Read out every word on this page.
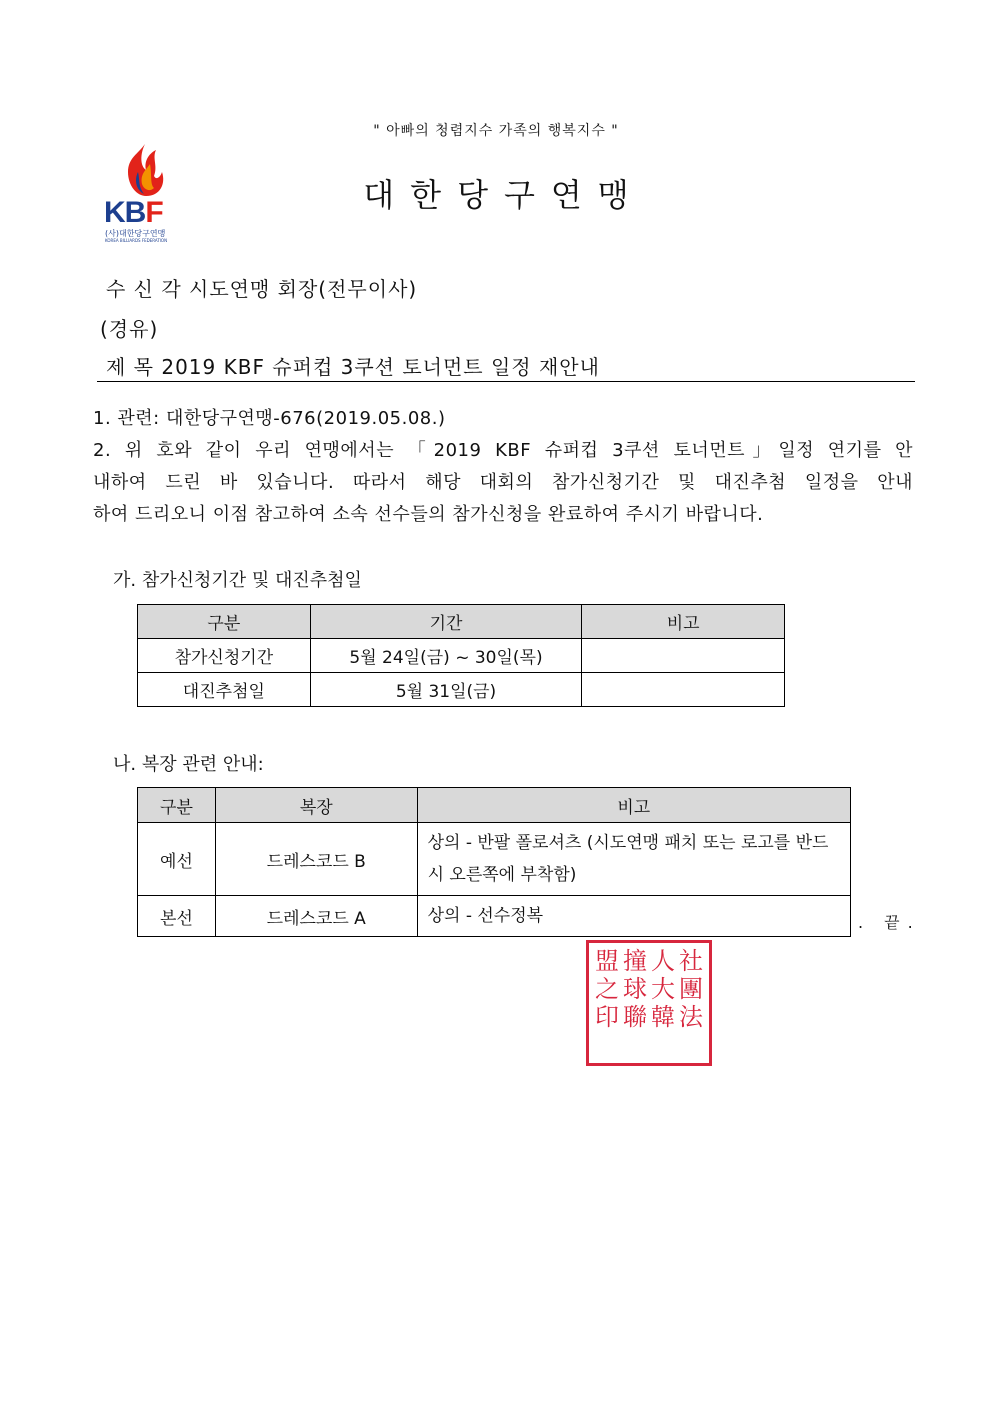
" 아빠의 청렴지수 가족의 행복지수 "
KBF
(사)대한당구연맹
KOREA BILLIARDS FEDERATION
대한당구연맹
수 신 각 시도연맹 회장(전무이사)
(경유)
제 목 2019 KBF 슈퍼컵 3쿠션 토너먼트 일정 재안내
1. 관련: 대한당구연맹-676(2019.05.08.)
2. 위 호와 같이 우리 연맹에서는 「2019 KBF 슈퍼컵 3쿠션 토너먼트」일정 연기를 안
내하여 드린 바 있습니다. 따라서 해당 대회의 참가신청기간 및 대진추첨 일정을 안내
하여 드리오니 이점 참고하여 소속 선수들의 참가신청을 완료하여 주시기 바랍니다.
가. 참가신청기간 및 대진추첨일
구분	기간	비고
참가신청기간	5월 24일(금) ~ 30일(목)	
대진추첨일	5월 31일(금)	
나. 복장 관련 안내:
구분	복장	비고
예선	드레스코드 B	상의 - 반팔 폴로셔츠 (시도연맹 패치 또는 로고를 반드시 오른쪽에 부착함)
본선	드레스코드 A	상의 - 선수정복	. 끝.
盟 撞 人 社
之 球 大 團
印 聯 韓 法
